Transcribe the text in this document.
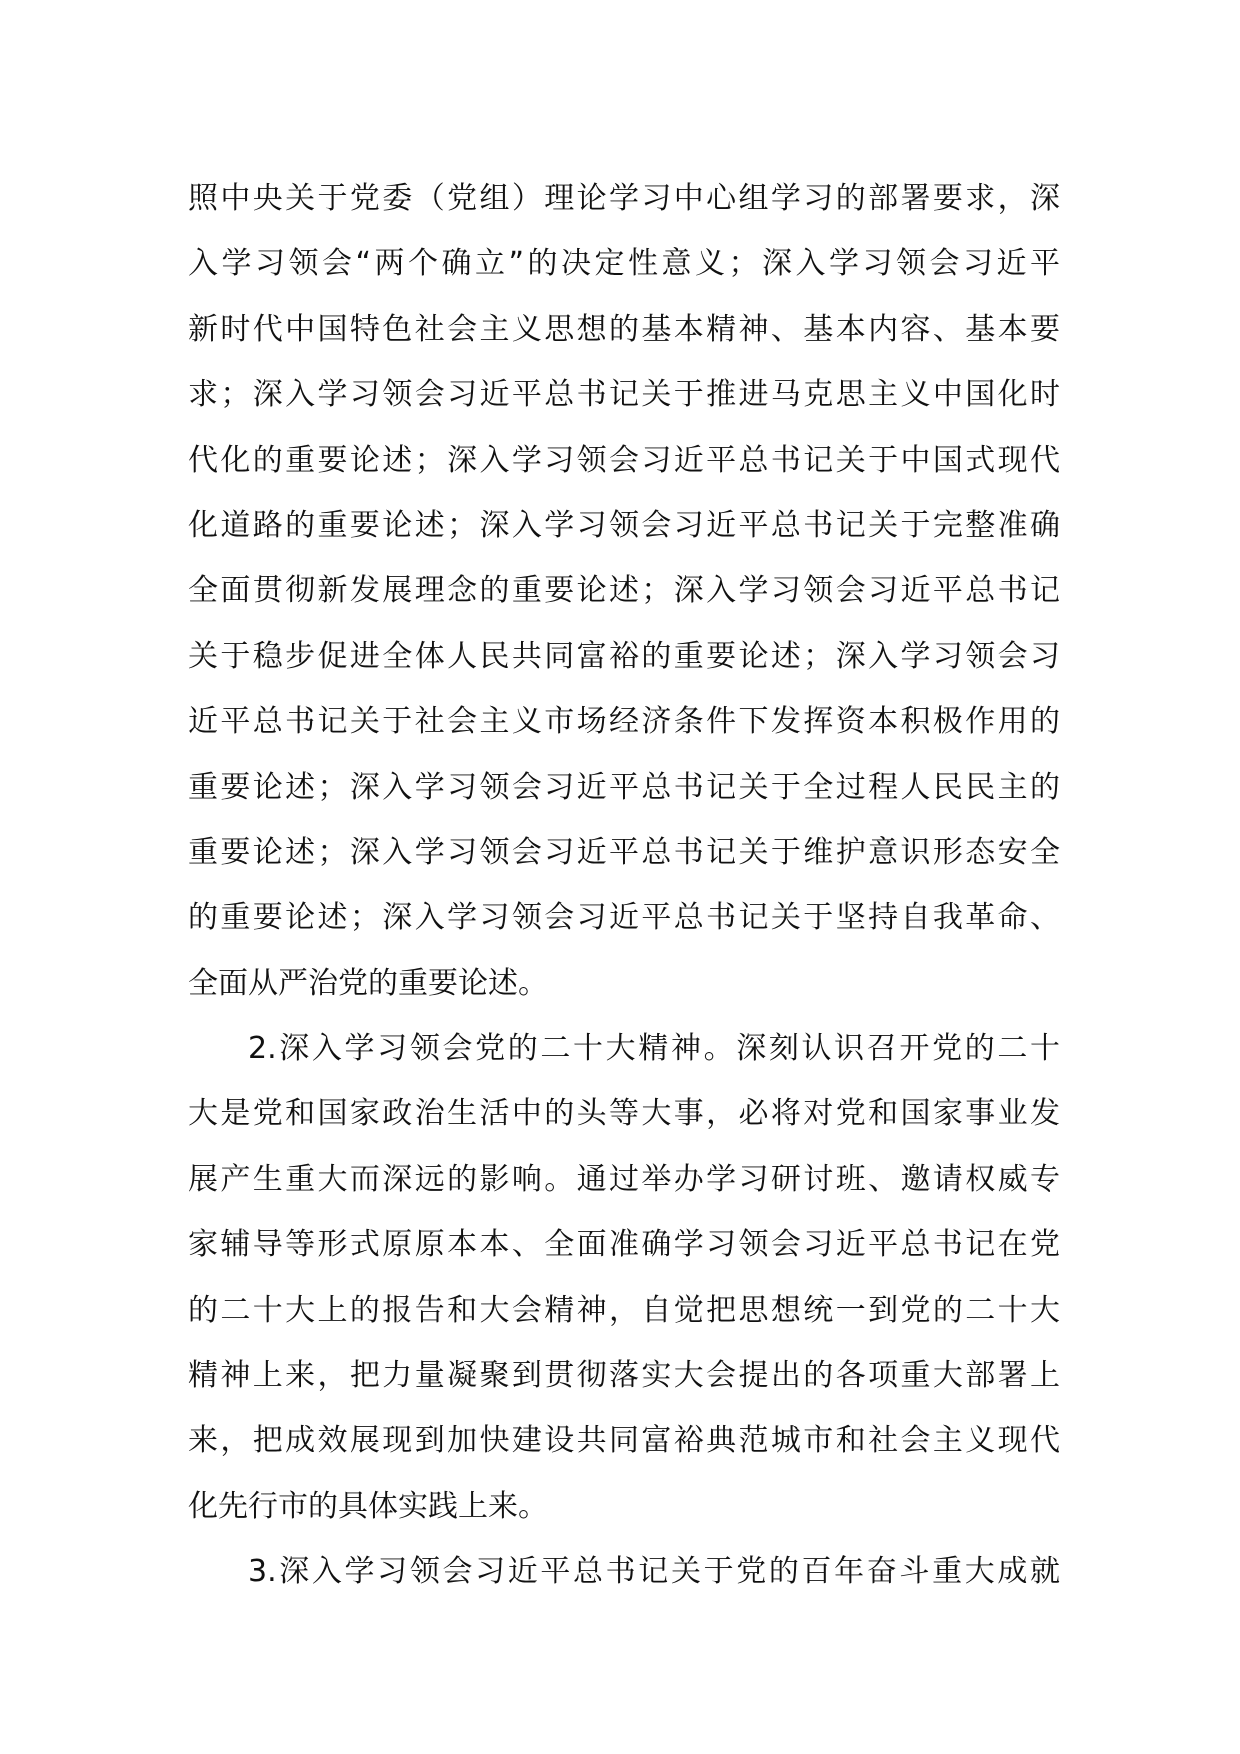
照中央关于党委（党组）理论学习中心组学习的部署要求，深
入学习领会“两个确立”的决定性意义；深入学习领会习近平
新时代中国特色社会主义思想的基本精神、基本内容、基本要
求；深入学习领会习近平总书记关于推进马克思主义中国化时
代化的重要论述；深入学习领会习近平总书记关于中国式现代
化道路的重要论述；深入学习领会习近平总书记关于完整准确
全面贯彻新发展理念的重要论述；深入学习领会习近平总书记
关于稳步促进全体人民共同富裕的重要论述；深入学习领会习
近平总书记关于社会主义市场经济条件下发挥资本积极作用的
重要论述；深入学习领会习近平总书记关于全过程人民民主的
重要论述；深入学习领会习近平总书记关于维护意识形态安全
的重要论述；深入学习领会习近平总书记关于坚持自我革命、
全面从严治党的重要论述。
2.深入学习领会党的二十大精神。深刻认识召开党的二十
大是党和国家政治生活中的头等大事，必将对党和国家事业发
展产生重大而深远的影响。通过举办学习研讨班、邀请权威专
家辅导等形式原原本本、全面准确学习领会习近平总书记在党
的二十大上的报告和大会精神，自觉把思想统一到党的二十大
精神上来，把力量凝聚到贯彻落实大会提出的各项重大部署上
来，把成效展现到加快建设共同富裕典范城市和社会主义现代
化先行市的具体实践上来。
3.深入学习领会习近平总书记关于党的百年奋斗重大成就
